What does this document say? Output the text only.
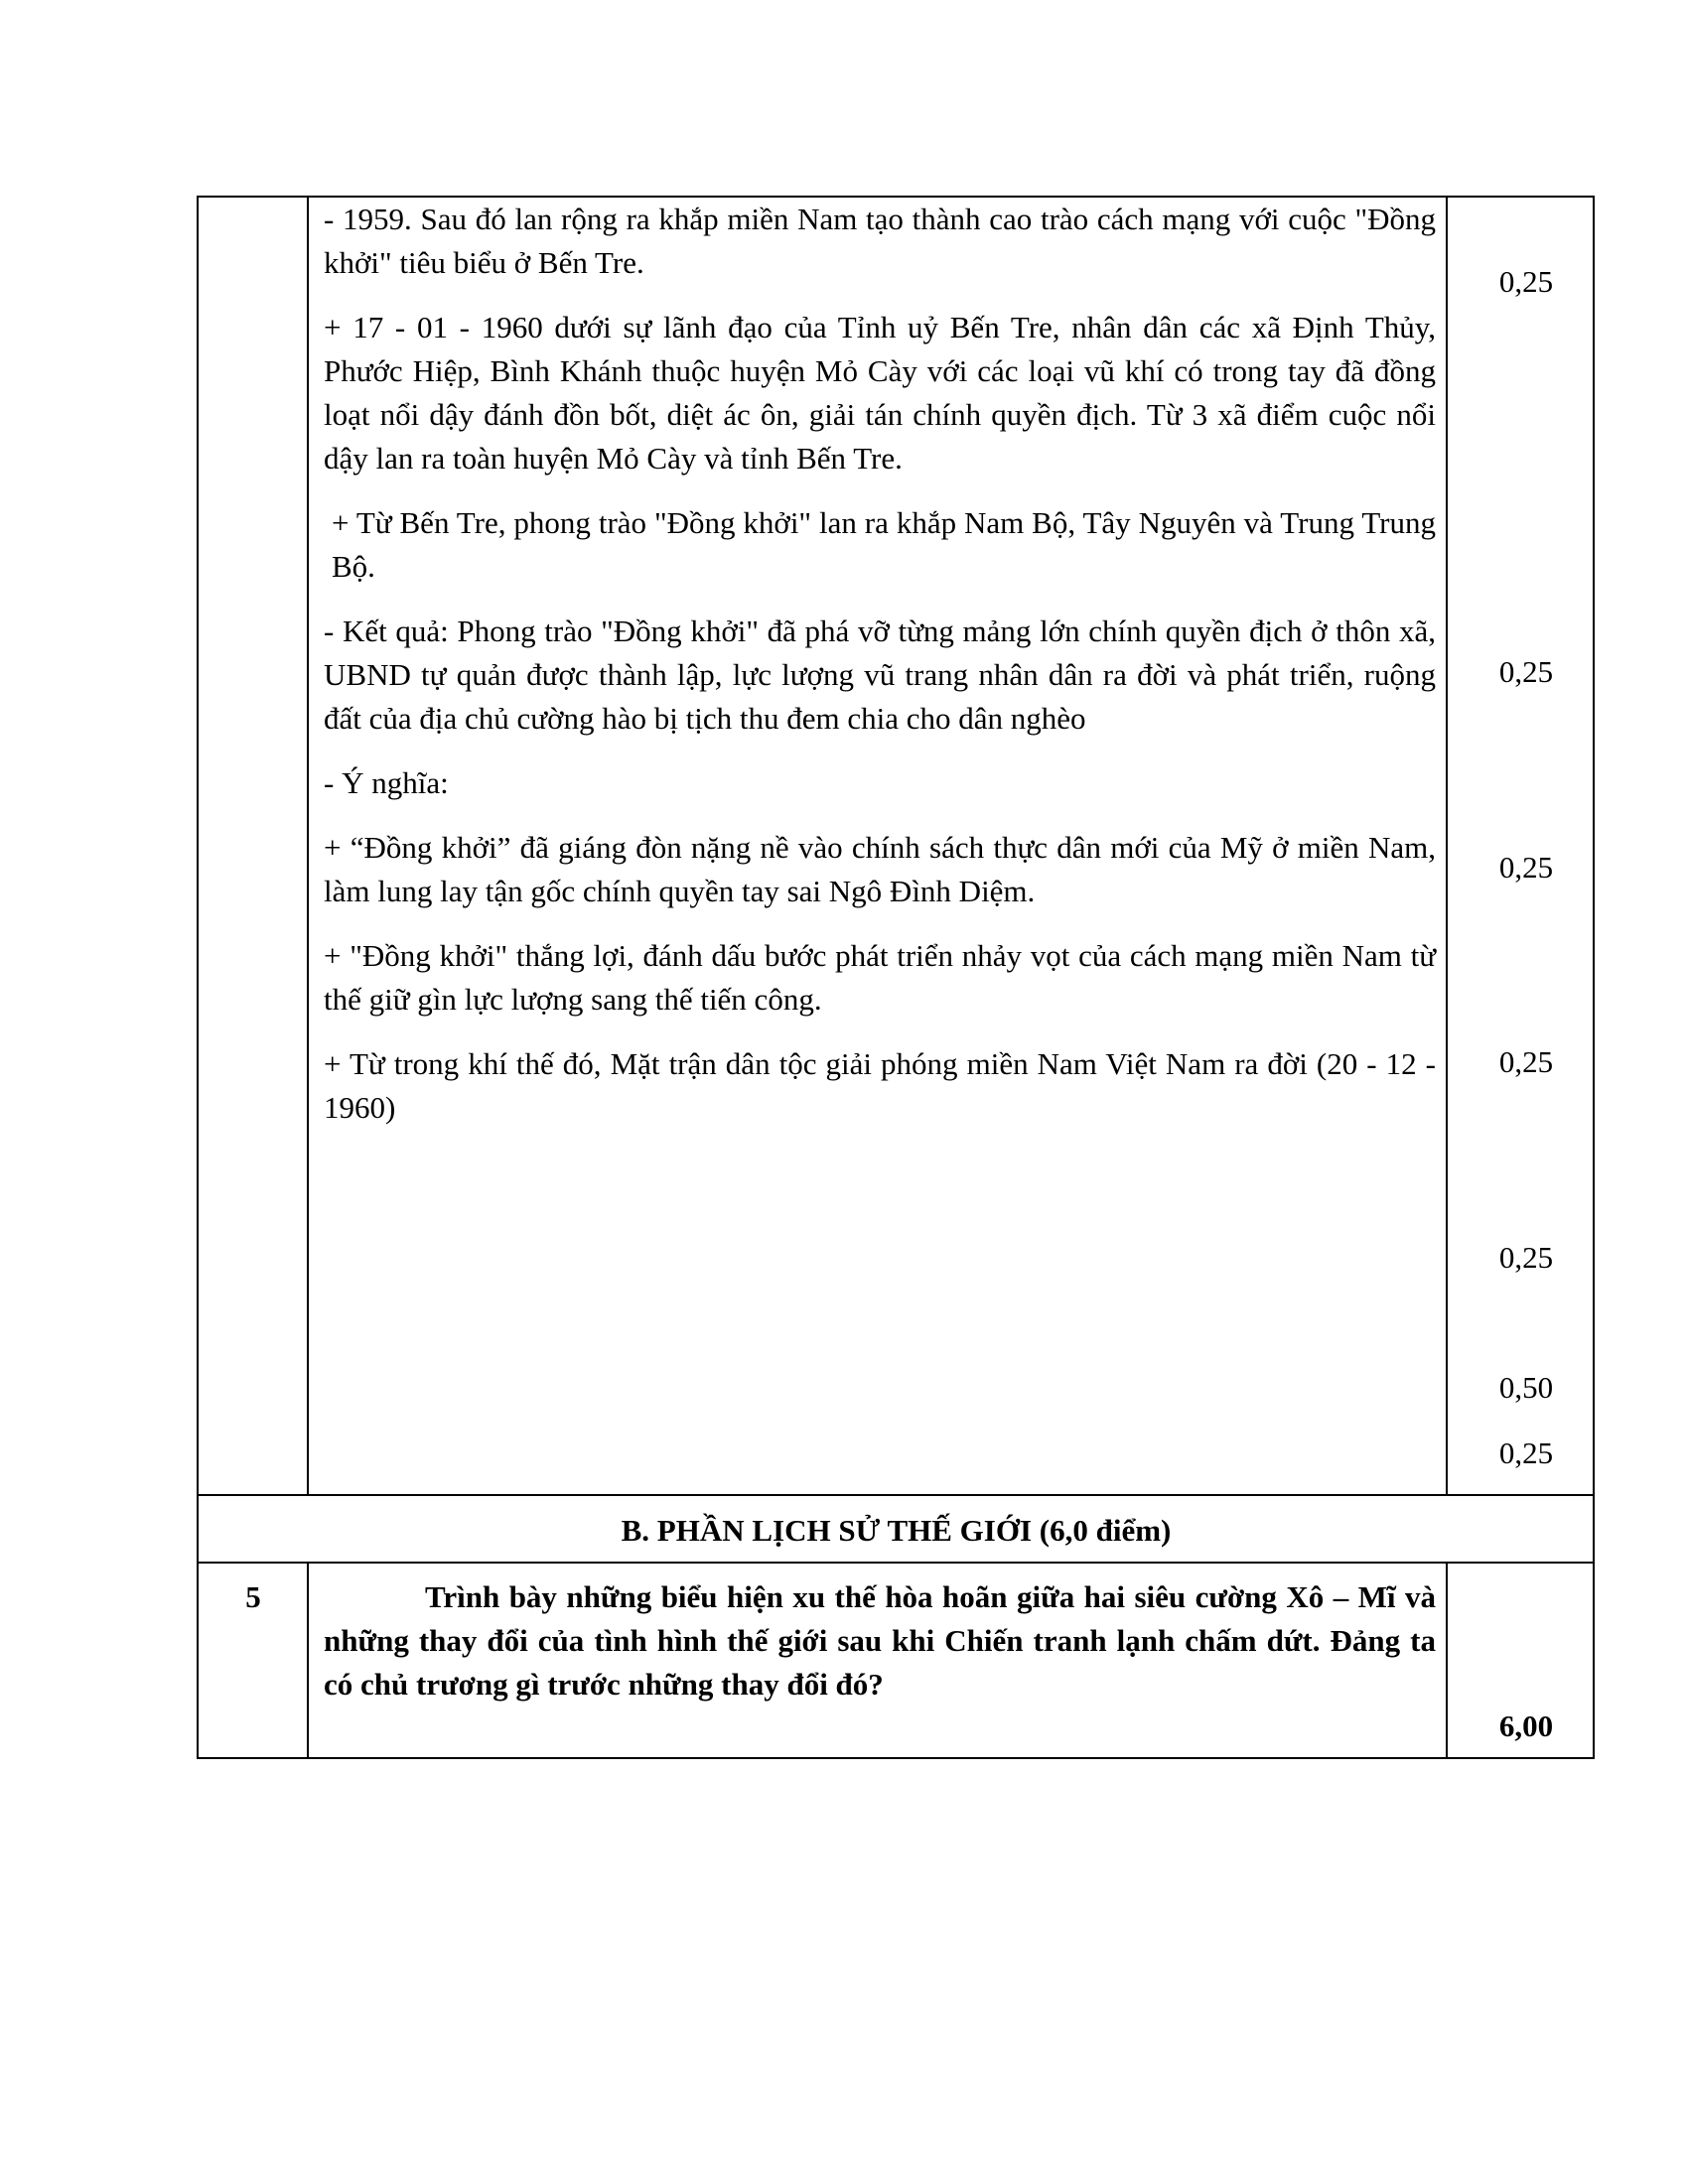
- 1959. Sau đó lan rộng ra khắp miền Nam tạo thành cao trào cách mạng với cuộc "Đồng khởi" tiêu biểu ở Bến Tre.

+ 17 - 01 - 1960 dưới sự lãnh đạo của Tỉnh uỷ Bến Tre, nhân dân các xã Định Thủy, Phước Hiệp, Bình Khánh thuộc huyện Mỏ Cày với các loại vũ khí có trong tay đã đồng loạt nổi dậy đánh đồn bốt, diệt ác ôn, giải tán chính quyền địch. Từ 3 xã điểm cuộc nổi dậy lan ra toàn huyện Mỏ Cày và tỉnh Bến Tre.

+ Từ Bến Tre, phong trào "Đồng khởi" lan ra khắp Nam Bộ, Tây Nguyên và Trung Trung Bộ.

- Kết quả: Phong trào "Đồng khởi" đã phá vỡ từng mảng lớn chính quyền địch ở thôn xã, UBND tự quản được thành lập, lực lượng vũ trang nhân dân ra đời và phát triển, ruộng đất của địa chủ cường hào bị tịch thu đem chia cho dân nghèo

- Ý nghĩa:

+ “Đồng khởi” đã giáng đòn nặng nề vào chính sách thực dân mới của Mỹ ở miền Nam, làm lung lay tận gốc chính quyền tay sai Ngô Đình Diệm.

+ "Đồng khởi" thắng lợi, đánh dấu bước phát triển nhảy vọt của cách mạng miền Nam từ thế giữ gìn lực lượng sang thế tiến công.

+ Từ trong khí thế đó, Mặt trận dân tộc giải phóng miền Nam Việt Nam ra đời (20 - 12 - 1960)

0,25
0,25
0,25
0,25
0,25
0,50
0,25
B. PHẦN LỊCH SỬ THẾ GIỚI (6,0 điểm)
5	Trình bày những biểu hiện xu thế hòa hoãn giữa hai siêu cường Xô – Mĩ và những thay đổi của tình hình thế giới sau khi Chiến tranh lạnh chấm dứt. Đảng ta có chủ trương gì trước những thay đổi đó?
6,00
